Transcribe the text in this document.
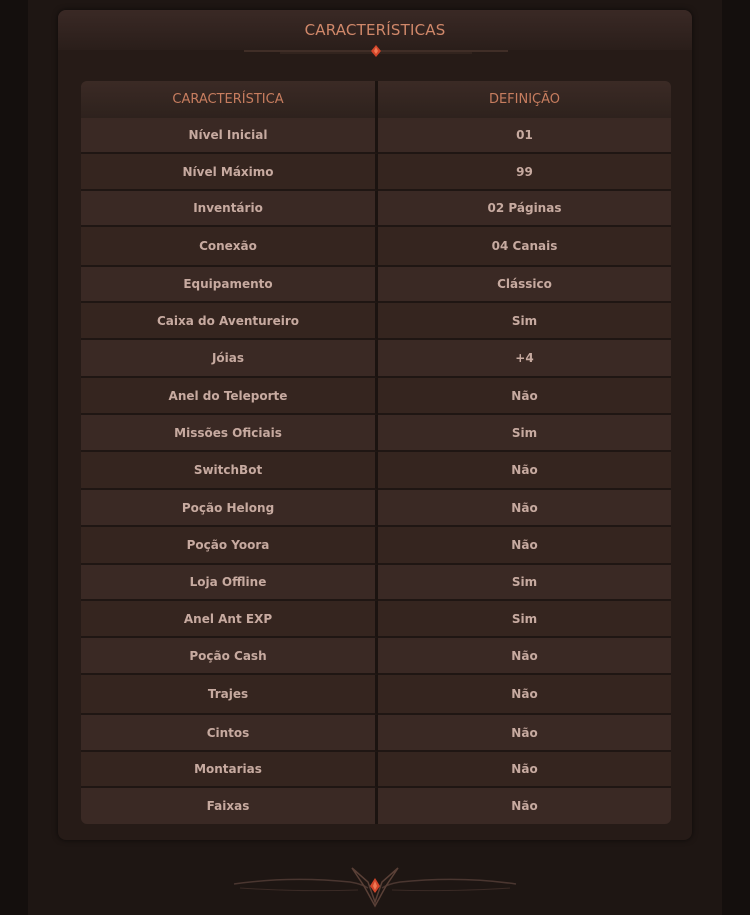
CARACTERÍSTICAS
CARACTERÍSTICA	DEFINIÇÃO
Nível Inicial	01
Nível Máximo	99
Inventário	02 Páginas
Conexão	04 Canais
Equipamento	Clássico
Caixa do Aventureiro	Sim
Jóias	+4
Anel do Teleporte	Não
Missões Oficiais	Sim
SwitchBot	Não
Poção Helong	Não
Poção Yoora	Não
Loja Offline	Sim
Anel Ant EXP	Sim
Poção Cash	Não
Trajes	Não
Cintos	Não
Montarias	Não
Faixas	Não
